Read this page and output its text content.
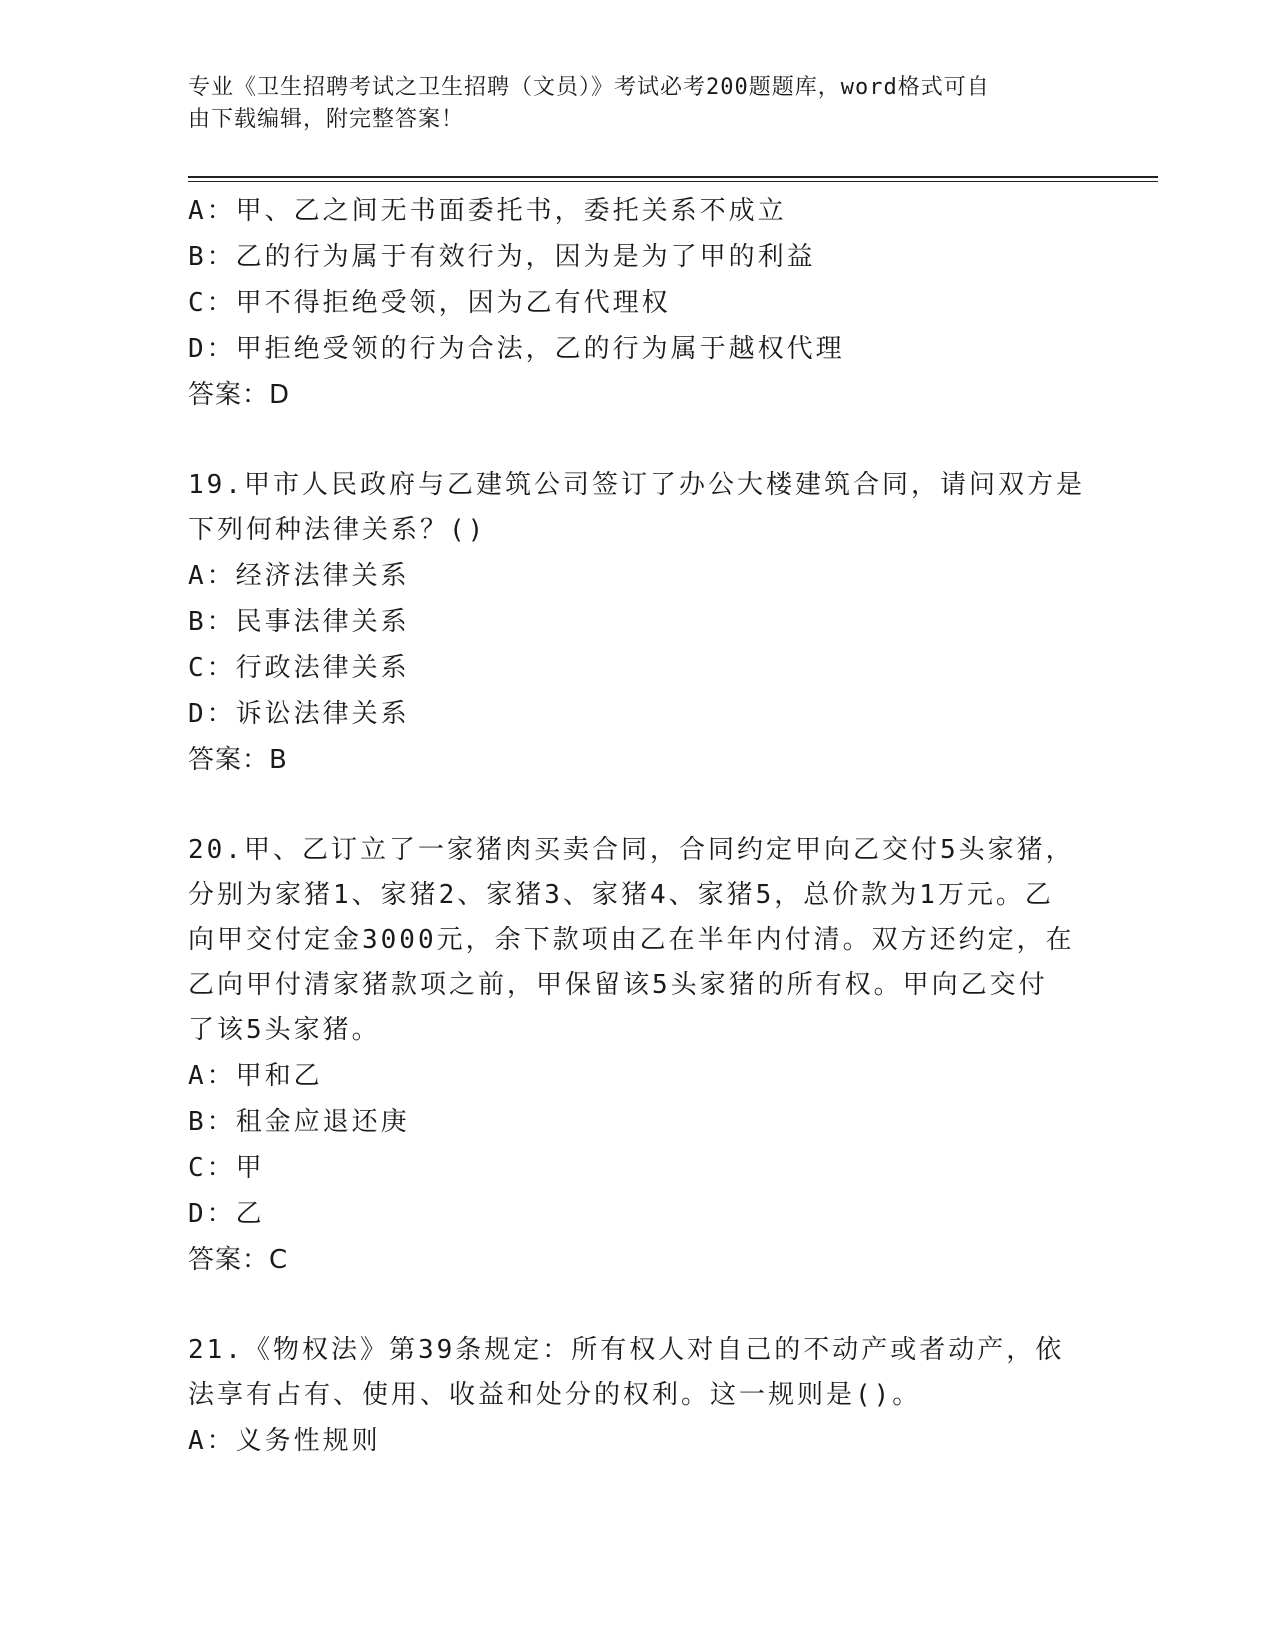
专业《卫生招聘考试之卫生招聘（文员）》考试必考200题题库，word格式可自
由下载编辑，附完整答案！
A：甲、乙之间无书面委托书，委托关系不成立
B：乙的行为属于有效行为，因为是为了甲的利益
C：甲不得拒绝受领，因为乙有代理权
D：甲拒绝受领的行为合法，乙的行为属于越权代理
答案：D
19.甲市人民政府与乙建筑公司签订了办公大楼建筑合同，请问双方是
下列何种法律关系？()
A：经济法律关系
B：民事法律关系
C：行政法律关系
D：诉讼法律关系
答案：B
20.甲、乙订立了一家猪肉买卖合同，合同约定甲向乙交付5头家猪，
分别为家猪1、家猪2、家猪3、家猪4、家猪5，总价款为1万元。乙
向甲交付定金3000元，余下款项由乙在半年内付清。双方还约定，在
乙向甲付清家猪款项之前，甲保留该5头家猪的所有权。甲向乙交付
了该5头家猪。
A：甲和乙
B：租金应退还庚
C：甲
D：乙
答案：C
21.《物权法》第39条规定：所有权人对自己的不动产或者动产，依
法享有占有、使用、收益和处分的权利。这一规则是()。
A：义务性规则
